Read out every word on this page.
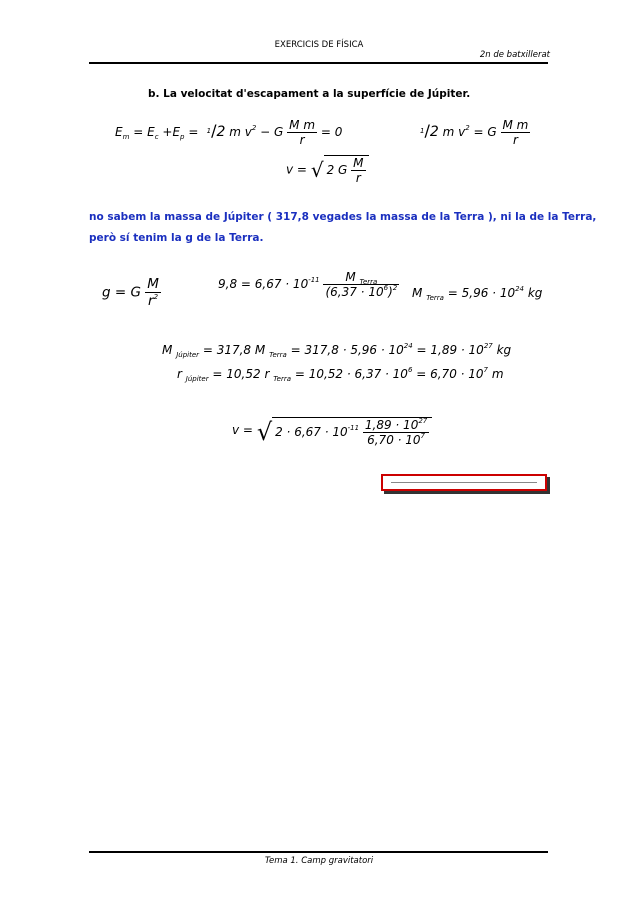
EXERCICIS DE FÍSICA
2n de batxillerat
b. La velocitat d'escapament a la superfície de Júpiter.
$E_m = E_c +E_p = ^1/2$ m $v^2 - G \frac{\text{M m}}{r} = 0$	$^1$/2 m $v^2 = G \frac{\text{M m}}{r}$
v = √ 2 G $\frac{M}{r}$
no sabem la massa de Júpiter ( 317,8 vegades la massa de la Terra ), ni la de la Terra,
però sí tenim la g de la Terra.
g = G $\frac{M}{r^2}$	$9,8 = 6,67 \cdot 10^{-11} \frac{M _{Terra}}{(6,37 \cdot 10^6)^2}$ M $_{Terra} = 5,96 \cdot 10^{24}$ kg
M $_{Júpiter}$ = 317,8 M $_{Terra} = 317,8 \cdot 5,96 \cdot 10^{24} = 1,89 \cdot 10^{27}$ kg
r $_{Júpiter}$ = 10,52 r $_{Terra} = 10,52 \cdot 6,37 \cdot 10^6 = 6,70 \cdot 10^7$ m
v = √ $2 \cdot 6,67 \cdot 10^{-11} \frac{1,89 \cdot 10^{27}}{6,70 \cdot 10^7}$
Tema 1. Camp gravitatori
